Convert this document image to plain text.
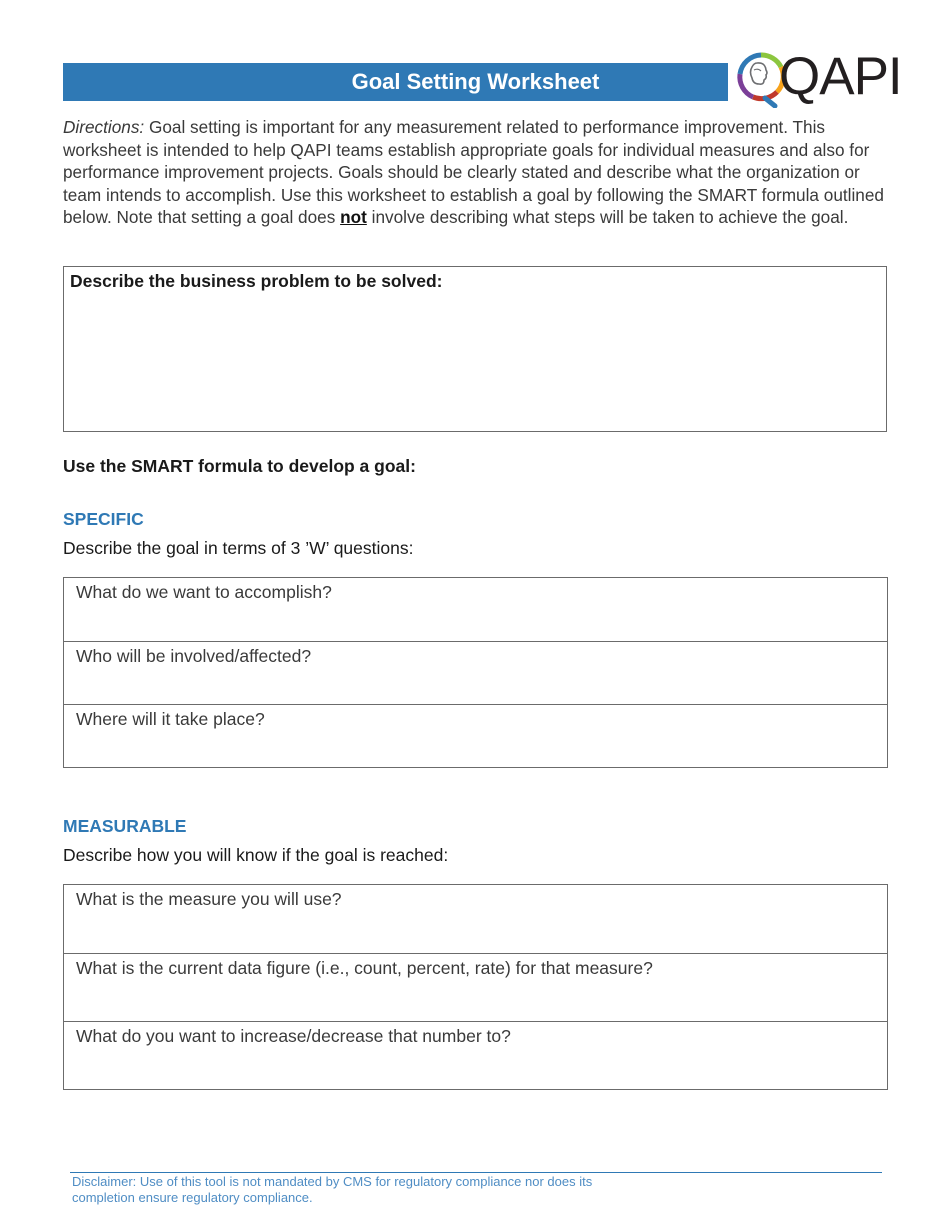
Goal Setting Worksheet	QAPI
Directions: Goal setting is important for any measurement related to performance improvement. This worksheet is intended to help QAPI teams establish appropriate goals for individual measures and also for performance improvement projects. Goals should be clearly stated and describe what the organization or team intends to accomplish. Use this worksheet to establish a goal by following the SMART formula outlined below. Note that setting a goal does not involve describing what steps will be taken to achieve the goal.
Describe the business problem to be solved:
Use the SMART formula to develop a goal:
SPECIFIC
Describe the goal in terms of 3 ’W’ questions:
What do we want to accomplish?
Who will be involved/affected?
Where will it take place?
MEASURABLE
Describe how you will know if the goal is reached:
What is the measure you will use?
What is the current data figure (i.e., count, percent, rate) for that measure?
What do you want to increase/decrease that number to?
Disclaimer: Use of this tool is not mandated by CMS for regulatory compliance nor does its completion ensure regulatory compliance.
